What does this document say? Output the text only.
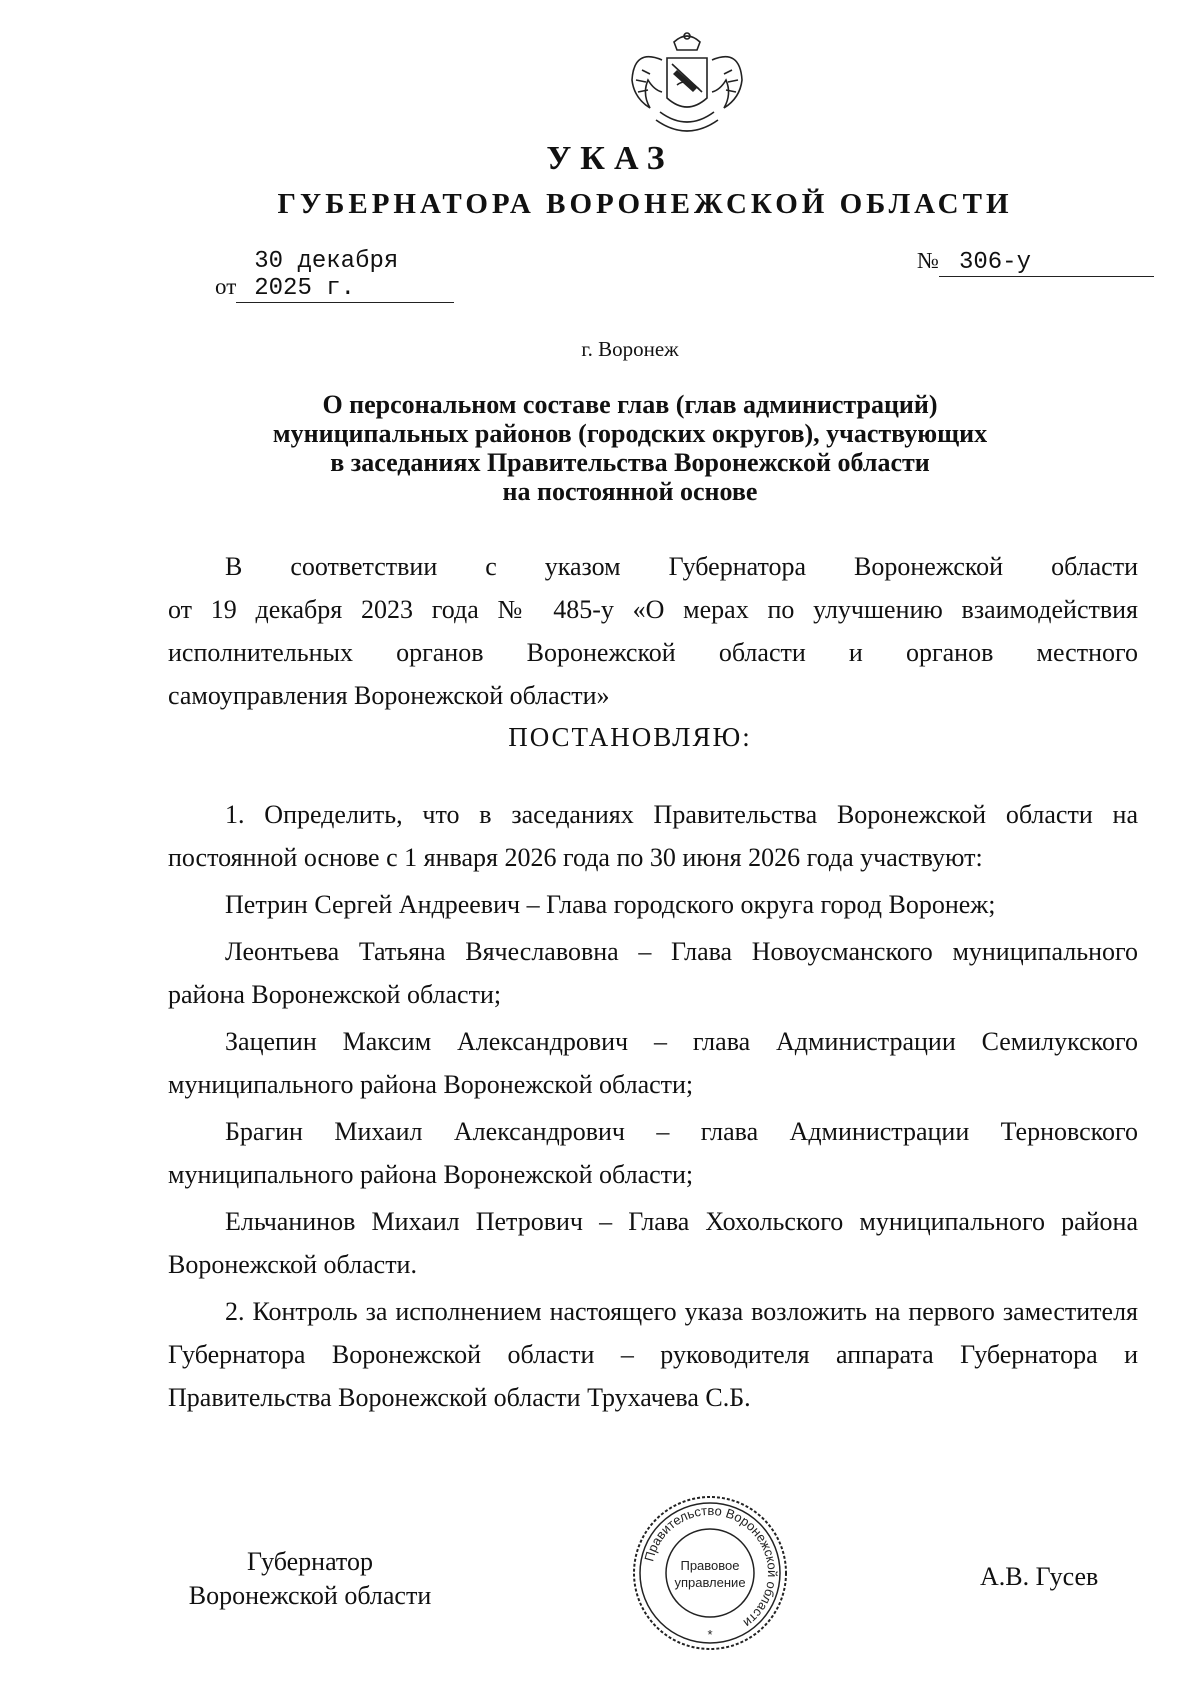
УКАЗ
ГУБЕРНАТОРА ВОРОНЕЖСКОЙ ОБЛАСТИ
от30 декабря 2025 г.
№ 306-у
г. Воронеж
О персональном составе глав (глав администраций)
муниципальных районов (городских округов), участвующих
в заседаниях Правительства Воронежской области
на постоянной основе
В соответствии с указом Губернатора Воронежской области
от 19 декабря 2023 года № 485-у «О мерах по улучшению взаимодействия
исполнительных органов Воронежской области и органов местного
самоуправления Воронежской области»
ПОСТАНОВЛЯЮ:

1. Определить, что в заседаниях Правительства Воронежской области на постоянной основе с 1 января 2026 года по 30 июня 2026 года участвуют:

Петрин Сергей Андреевич – Глава городского округа город Воронеж;

Леонтьева Татьяна Вячеславовна – Глава Новоусманского муниципального района Воронежской области;

Зацепин Максим Александрович – глава Администрации Семилукского муниципального района Воронежской области;

Брагин Михаил Александрович – глава Администрации Терновского муниципального района Воронежской области;

Ельчанинов Михаил Петрович – Глава Хохольского муниципального района Воронежской области.

2. Контроль за исполнением настоящего указа возложить на первого заместителя Губернатора Воронежской области – руководителя аппарата Губернатора и Правительства Воронежской области Трухачева С.Б.

Губернатор
Воронежской области
Правительство Воронежской области
Правовое
управление
*
А.В. Гусев
